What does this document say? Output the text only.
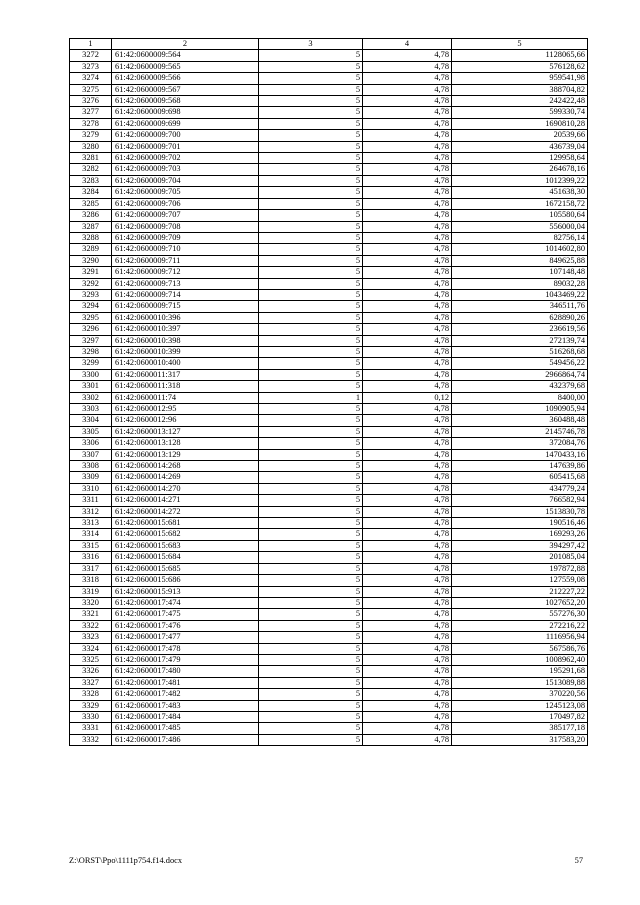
1	2	3	4	5
3272	61:42:0600009:564	5	4,78	1128065,66
3273	61:42:0600009:565	5	4,78	576128,62
3274	61:42:0600009:566	5	4,78	959541,98
3275	61:42:0600009:567	5	4,78	388704,82
3276	61:42:0600009:568	5	4,78	242422,48
3277	61:42:0600009:698	5	4,78	599330,74
3278	61:42:0600009:699	5	4,78	1690810,28
3279	61:42:0600009:700	5	4,78	20539,66
3280	61:42:0600009:701	5	4,78	436739,04
3281	61:42:0600009:702	5	4,78	129958,64
3282	61:42:0600009:703	5	4,78	264678,16
3283	61:42:0600009:704	5	4,78	1012399,22
3284	61:42:0600009:705	5	4,78	451638,30
3285	61:42:0600009:706	5	4,78	1672158,72
3286	61:42:0600009:707	5	4,78	105580,64
3287	61:42:0600009:708	5	4,78	556000,04
3288	61:42:0600009:709	5	4,78	82756,14
3289	61:42:0600009:710	5	4,78	1014602,80
3290	61:42:0600009:711	5	4,78	849625,88
3291	61:42:0600009:712	5	4,78	107148,48
3292	61:42:0600009:713	5	4,78	89032,28
3293	61:42:0600009:714	5	4,78	1043469,22
3294	61:42:0600009:715	5	4,78	346511,76
3295	61:42:0600010:396	5	4,78	628890,26
3296	61:42:0600010:397	5	4,78	236619,56
3297	61:42:0600010:398	5	4,78	272139,74
3298	61:42:0600010:399	5	4,78	516268,68
3299	61:42:0600010:400	5	4,78	549456,22
3300	61:42:0600011:317	5	4,78	2966864,74
3301	61:42:0600011:318	5	4,78	432379,68
3302	61:42:0600011:74	1	0,12	8400,00
3303	61:42:0600012:95	5	4,78	1090905,94
3304	61:42:0600012:96	5	4,78	360488,48
3305	61:42:0600013:127	5	4,78	2145746,78
3306	61:42:0600013:128	5	4,78	372084,76
3307	61:42:0600013:129	5	4,78	1470433,16
3308	61:42:0600014:268	5	4,78	147639,86
3309	61:42:0600014:269	5	4,78	605415,68
3310	61:42:0600014:270	5	4,78	434779,24
3311	61:42:0600014:271	5	4,78	766582,94
3312	61:42:0600014:272	5	4,78	1513830,78
3313	61:42:0600015:681	5	4,78	190516,46
3314	61:42:0600015:682	5	4,78	169293,26
3315	61:42:0600015:683	5	4,78	394297,42
3316	61:42:0600015:684	5	4,78	201085,04
3317	61:42:0600015:685	5	4,78	197872,88
3318	61:42:0600015:686	5	4,78	127559,08
3319	61:42:0600015:913	5	4,78	212227,22
3320	61:42:0600017:474	5	4,78	1027652,20
3321	61:42:0600017:475	5	4,78	557276,30
3322	61:42:0600017:476	5	4,78	272216,22
3323	61:42:0600017:477	5	4,78	1116956,94
3324	61:42:0600017:478	5	4,78	567586,76
3325	61:42:0600017:479	5	4,78	1008962,40
3326	61:42:0600017:480	5	4,78	195291,68
3327	61:42:0600017:481	5	4,78	1513089,88
3328	61:42:0600017:482	5	4,78	370220,56
3329	61:42:0600017:483	5	4,78	1245123,08
3330	61:42:0600017:484	5	4,78	170497,82
3331	61:42:0600017:485	5	4,78	385177,18
3332	61:42:0600017:486	5	4,78	317583,20
Z:\ORST\Ppo\1111p754.f14.docx	57
